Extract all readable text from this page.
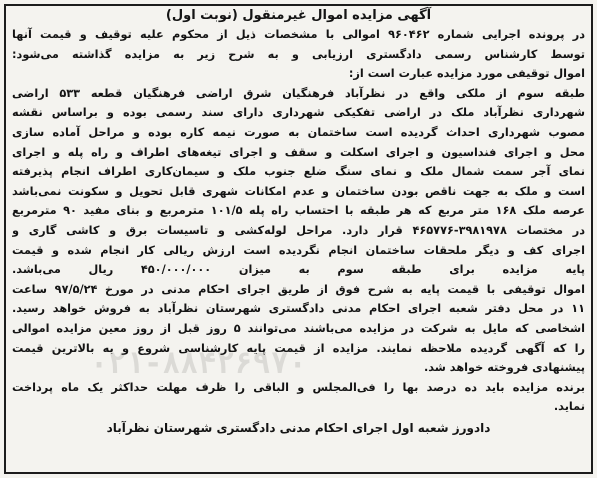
۰۲۱-۸۸۴۲۶۹۷۰

آگهی مزایده اموال غیرمنقول (نوبت اول)

در پرونده اجرایی شماره ۹۶۰۴۶۲ اموالی با مشخصات ذیل از محکوم علیه توقیف و قیمت آنها

توسط کارشناس رسمی دادگستری ارزیابی و به شرح زیر به مزایده گذاشته می‌شود:

اموال توقیفی مورد مزایده عبارت است از:

طبقه سوم از ملکی واقع در نظرآباد فرهنگیان شرق اراضی فرهنگیان قطعه ۵۳۳ اراضی

شهرداری نظرآباد ملک در اراضی تفکیکی شهرداری دارای سند رسمی بوده و براساس نقشه

مصوب شهرداری احداث گردیده است ساختمان به صورت نیمه کاره بوده و مراحل آماده سازی

محل و اجرای فنداسیون و اجرای اسکلت و سقف و اجرای تیغه‌های اطراف و راه پله و اجرای

نمای آجر سمت شمال ملک و نمای سنگ ضلع جنوب ملک و سیمان‌کاری اطراف انجام پذیرفته

است و ملک به جهت ناقص بودن ساختمان و عدم امکانات شهری قابل تحویل و سکونت نمی‌باشد

عرصه ملک ۱۶۸ متر مربع که هر طبقه با احتساب راه پله ۱۰۱/۵ مترمربع و بنای مفید ۹۰ مترمربع

در مختصات ۳۹۸۱۹۷۸-۴۶۵۷۷۶ قرار دارد. مراحل لوله‌کشی و تاسیسات برق و کاشی گاری و

اجرای کف و دیگر ملحقات ساختمان انجام نگردیده است ارزش ریالی کار انجام شده و قیمت

پایه مزایده برای طبقه سوم به میزان ۴۵۰/۰۰۰/۰۰۰ ریال می‌باشد.

اموال توقیفی با قیمت پایه به شرح فوق از طریق اجرای احکام مدنی در مورخ ۹۷/۵/۲۴ ساعت

۱۱ در محل دفتر شعبه اجرای احکام مدنی دادگستری شهرستان نظرآباد به فروش خواهد رسید.

اشخاصی که مایل به شرکت در مزایده می‌باشند می‌توانند ۵ روز قبل از روز معین مزایده اموالی

را که آگهی گردیده ملاحظه نمایند. مزایده از قیمت پایه کارشناسی شروع و به بالاترین قیمت

پیشنهادی فروخته خواهد شد.

برنده مزایده باید ده درصد بها را فی‌المجلس و الباقی را ظرف مهلت حداکثر یک ماه پرداخت

نماید.

دادورز شعبه اول اجرای احکام مدنی دادگستری شهرستان نظرآباد
